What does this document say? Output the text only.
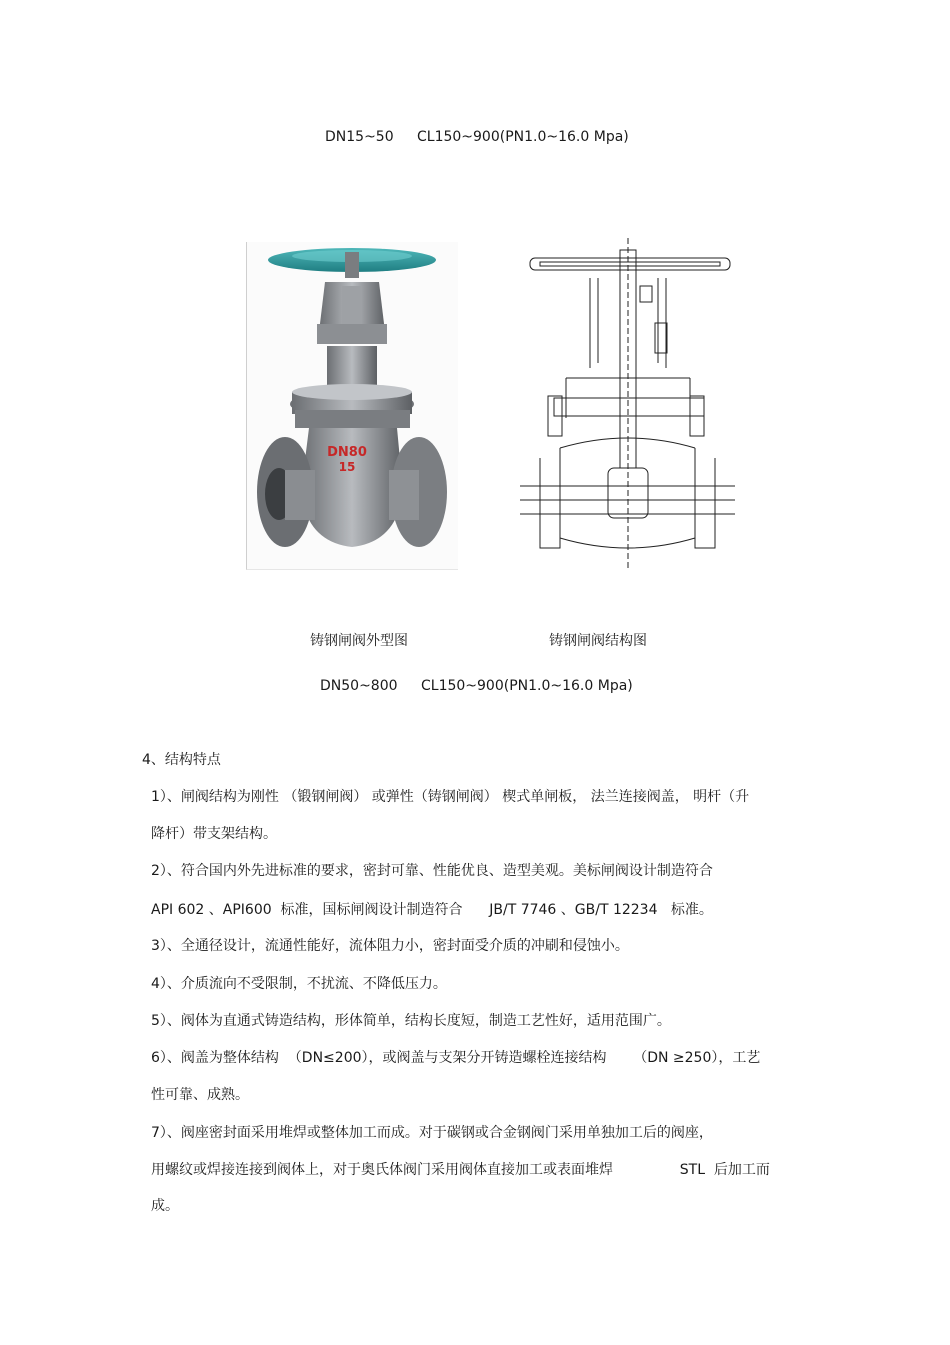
DN15~50 CL150~900(PN1.0~16.0 Mpa)
DN80
15
铸钢闸阀外型图	铸钢闸阀结构图
DN50~800 CL150~900(PN1.0~16.0 Mpa)
4、结构特点
1）、闸阀结构为刚性 （锻钢闸阀） 或弹性（铸钢闸阀） 楔式单闸板， 法兰连接阀盖， 明杆（升
降杆）带支架结构。
2）、符合国内外先进标准的要求，密封可靠、性能优良、造型美观。美标闸阀设计制造符合
API 602 、API600  标准，国标闸阀设计制造符合      JB/T 7746 、GB/T 12234   标准。
3）、全通径设计，流通性能好，流体阻力小，密封面受介质的冲刷和侵蚀小。
4）、介质流向不受限制，不扰流、不降低压力。
5）、阀体为直通式铸造结构，形体简单，结构长度短，制造工艺性好，适用范围广。
6）、阀盖为整体结构  （DN≤200），或阀盖与支架分开铸造螺栓连接结构      （DN ≥250），工艺
性可靠、成熟。
7）、阀座密封面采用堆焊或整体加工而成。对于碳钢或合金钢阀门采用单独加工后的阀座，
用螺纹或焊接连接到阀体上，对于奥氏体阀门采用阀体直接加工或表面堆焊               STL  后加工而
成。
